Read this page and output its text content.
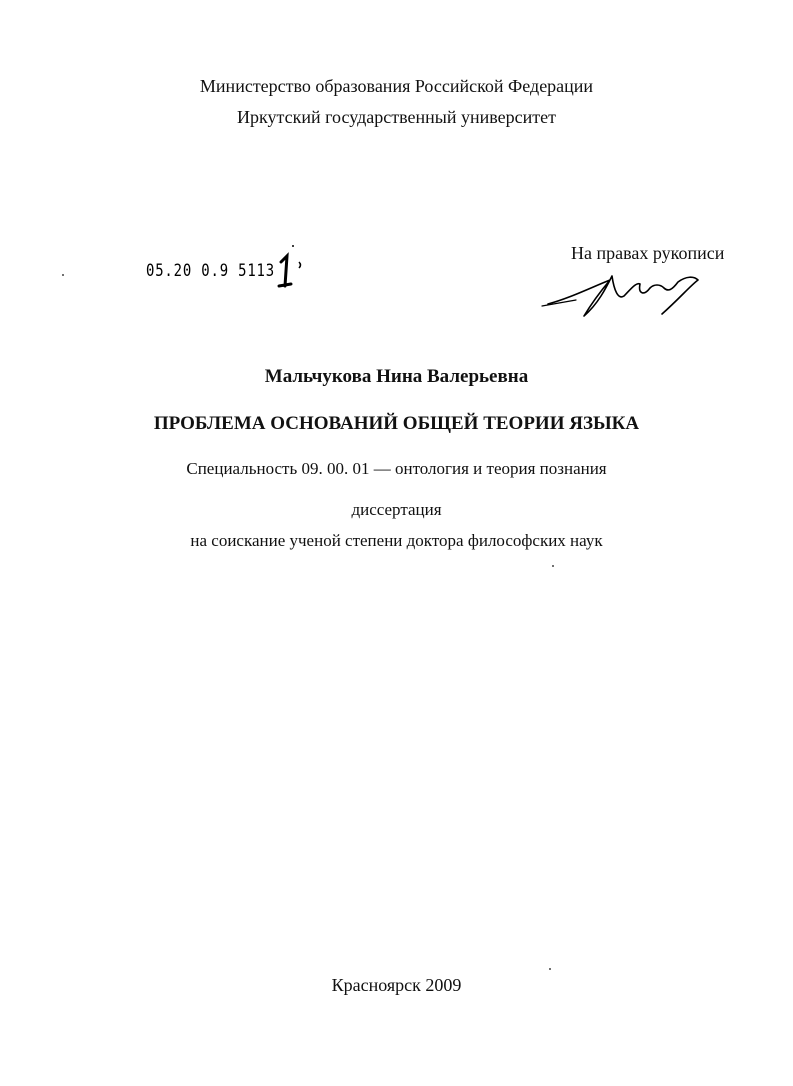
Министерство образования Российской Федерации
Иркутский государственный университет
05.20 0.9 5113
На правах рукописи
Мальчукова Нина Валерьевна
ПРОБЛЕМА ОСНОВАНИЙ ОБЩЕЙ ТЕОРИИ ЯЗЫКА
Специальность 09. 00. 01 — онтология и теория познания
диссертация
на соискание ученой степени доктора философских наук
Красноярск 2009
